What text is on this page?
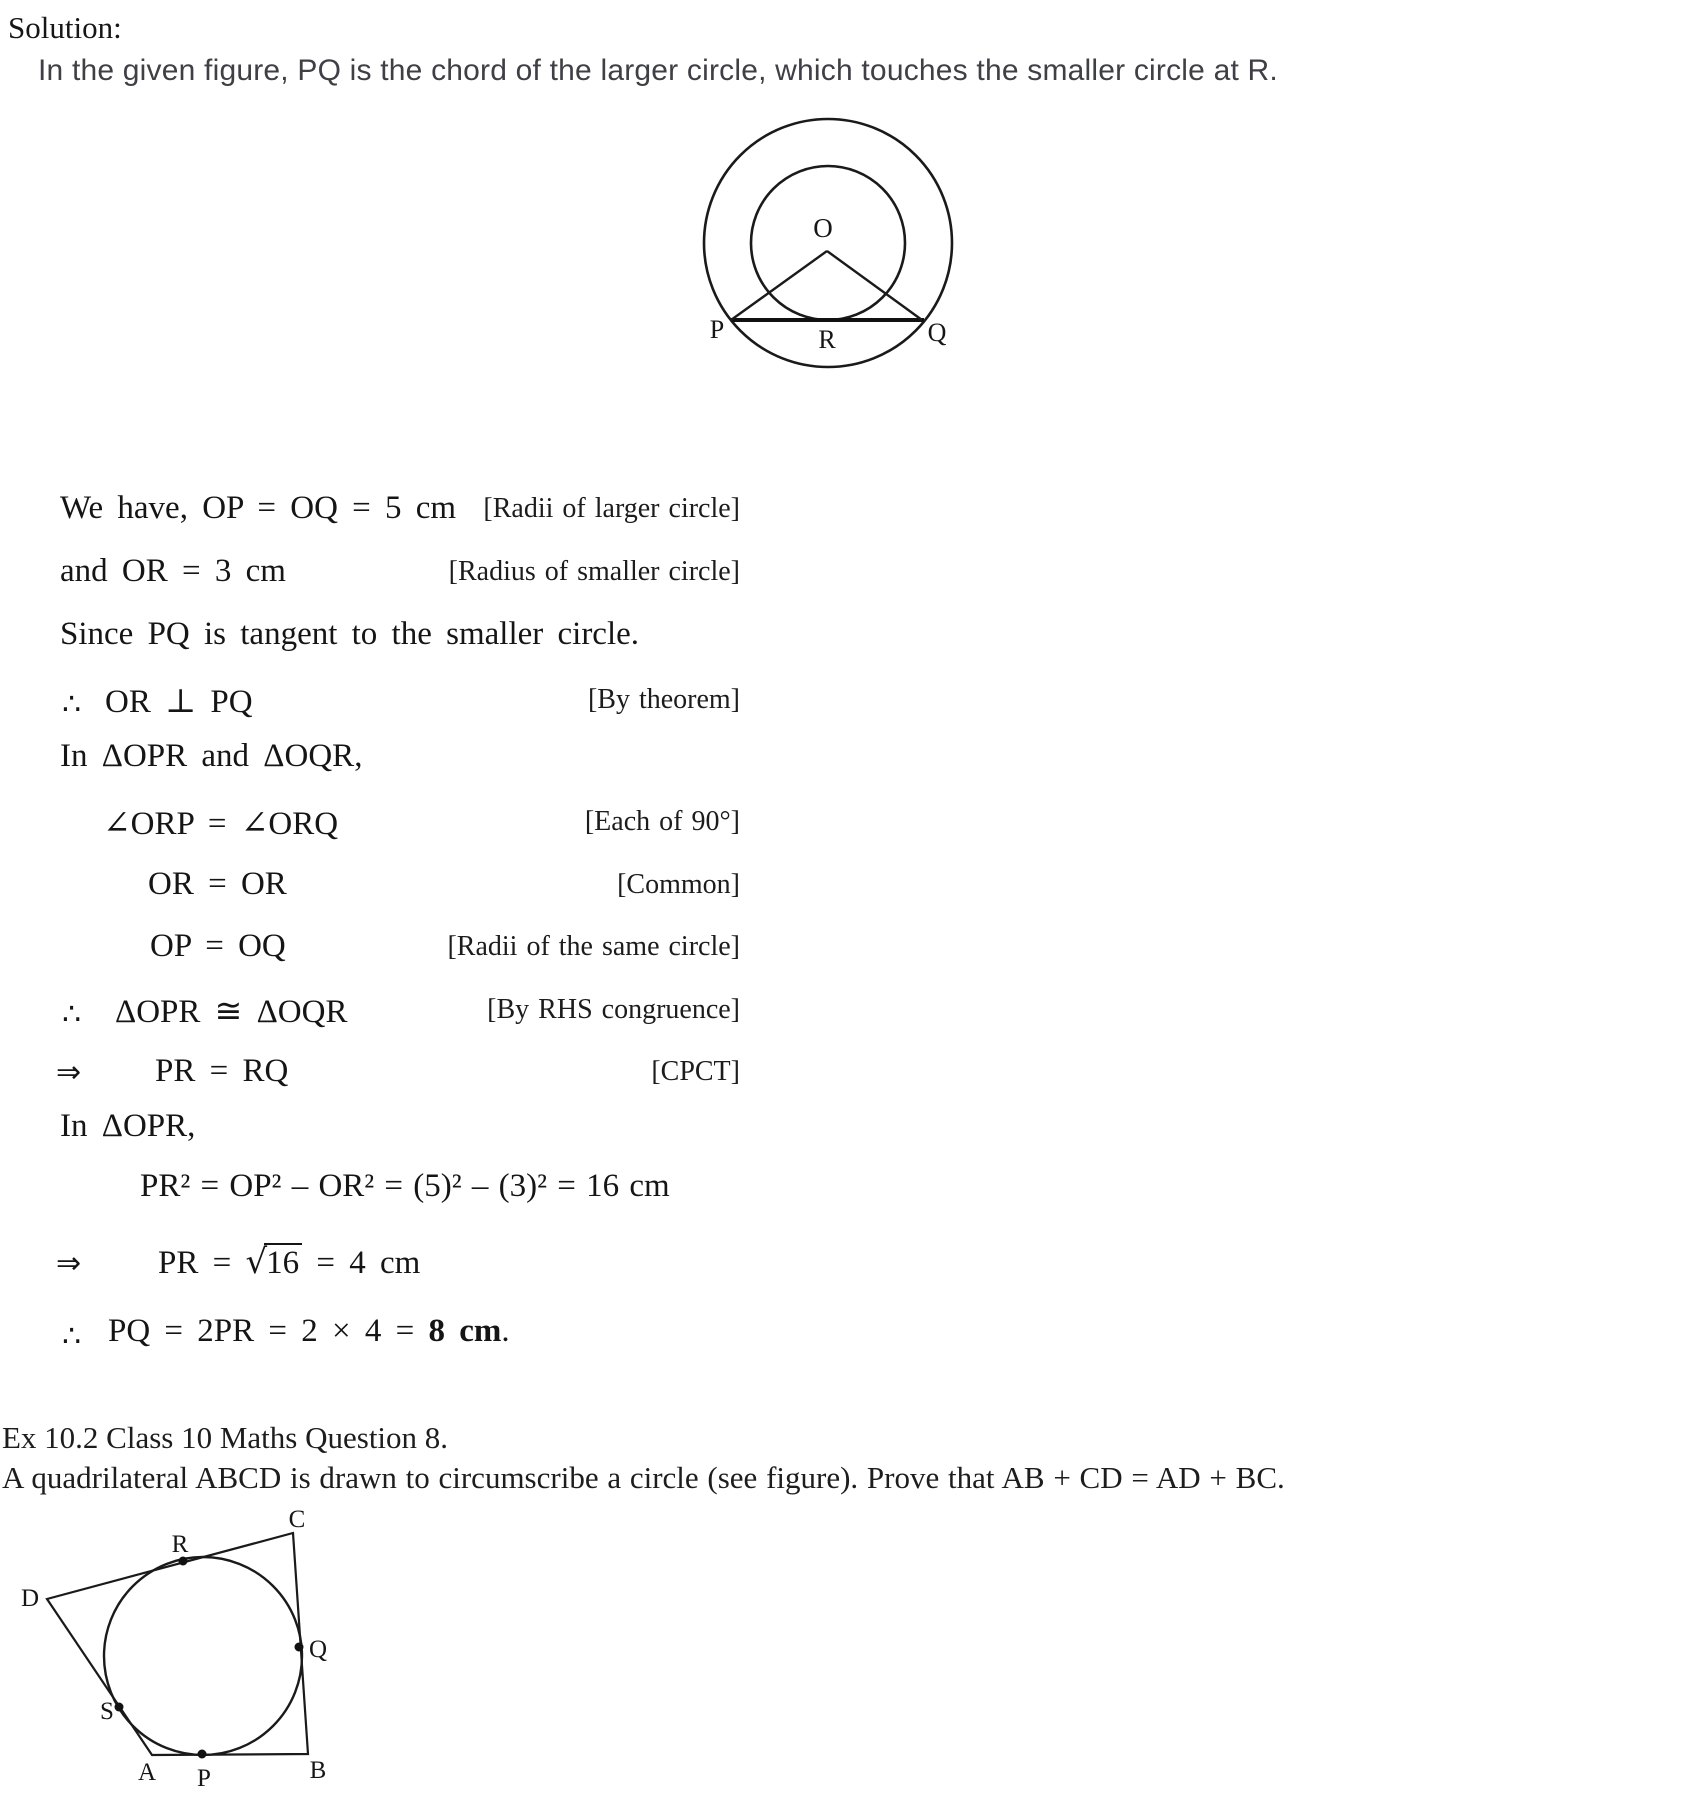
Solution:
In the given figure, PQ is the chord of the larger circle, which touches the smaller circle at R.
O
P	R	Q
We have, OP = OQ = 5 cm [Radii of larger circle]
and OR = 3 cm	[Radius of smaller circle]
Since PQ is tangent to the smaller circle.
∴ OR ⊥ PQ	[By theorem]
In ΔOPR and ΔOQR,
∠ORP = ∠ORQ	[Each of 90°]
OR = OR	[Common]
OP = OQ	[Radii of the same circle]
∴ ΔOPR ≅ ΔOQR	[By RHS congruence]
⇒ PR = RQ	[CPCT]
In ΔOPR,
PR² = OP² – OR² = (5)² – (3)² = 16 cm
⇒ PR = √16 = 4 cm
∴ PQ = 2PR = 2 × 4 = 8 cm.
Ex 10.2 Class 10 Maths Question 8.
A quadrilateral ABCD is drawn to circumscribe a circle (see figure). Prove that AB + CD = AD + BC.
A P	B
C
R
D
Q
S
